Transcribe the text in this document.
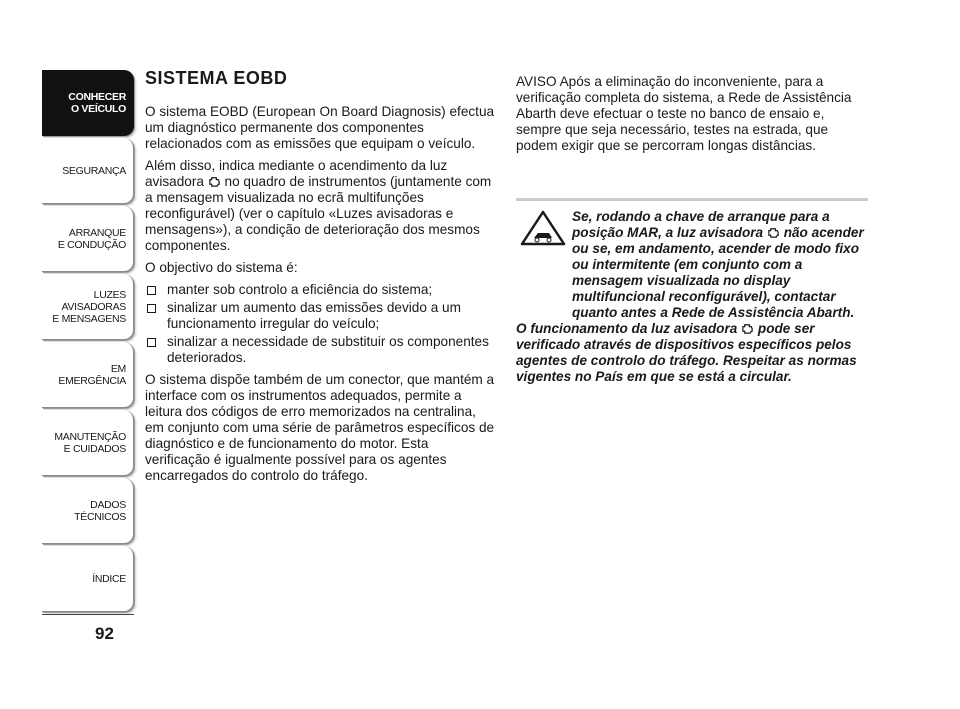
CONHECER
O VEÍCULO
SEGURANÇA
ARRANQUE
E CONDUÇÃO
LUZES
AVISADORAS
E MENSAGENS
EM EMERGÊNCIA
MANUTENÇÃO
E CUIDADOS
DADOS
TÉCNICOS
ÍNDICE
92
SISTEMA EOBD

O sistema EOBD (European On Board Diagnosis) efectua um diagnóstico permanente dos componentes relacionados com as emissões que equipam o veículo.

Além disso, indica mediante o acendimento da luz avisadora no quadro de instrumentos (juntamente com a mensagem visualizada no ecrã multifunções reconfigurável) (ver o capítulo «Luzes avisadoras e mensagens»), a condição de deterioração dos mesmos componentes.

O objectivo do sistema é:

manter sob controlo a eficiência do sistema;
sinalizar um aumento das emissões devido a um funcionamento irregular do veículo;
sinalizar a necessidade de substituir os componentes deteriorados.

O sistema dispõe também de um conector, que mantém a interface com os instrumentos adequados, permite a leitura dos códigos de erro memorizados na centralina, em conjunto com uma série de parâmetros específicos de diagnóstico e de funcionamento do motor. Esta verificação é igualmente possível para os agentes encarregados do controlo do tráfego.

AVISO Após a eliminação do inconveniente, para a verificação completa do sistema, a Rede de Assistência Abarth deve efectuar o teste no banco de ensaio e, sempre que seja necessário, testes na estrada, que podem exigir que se percorram longas distâncias.
Se, rodando a chave de arranque para a posição MAR, a luz avisadora não acender ou se, em andamento, acender de modo fixo ou intermitente (em conjunto com a mensagem visualizada no display multifuncional reconfigurável), contactar quanto antes a Rede de Assistência Abarth.
O funcionamento da luz avisadora pode ser verificado através de dispositivos específicos pelos agentes de controlo do tráfego. Respeitar as normas vigentes no País em que se está a circular.
